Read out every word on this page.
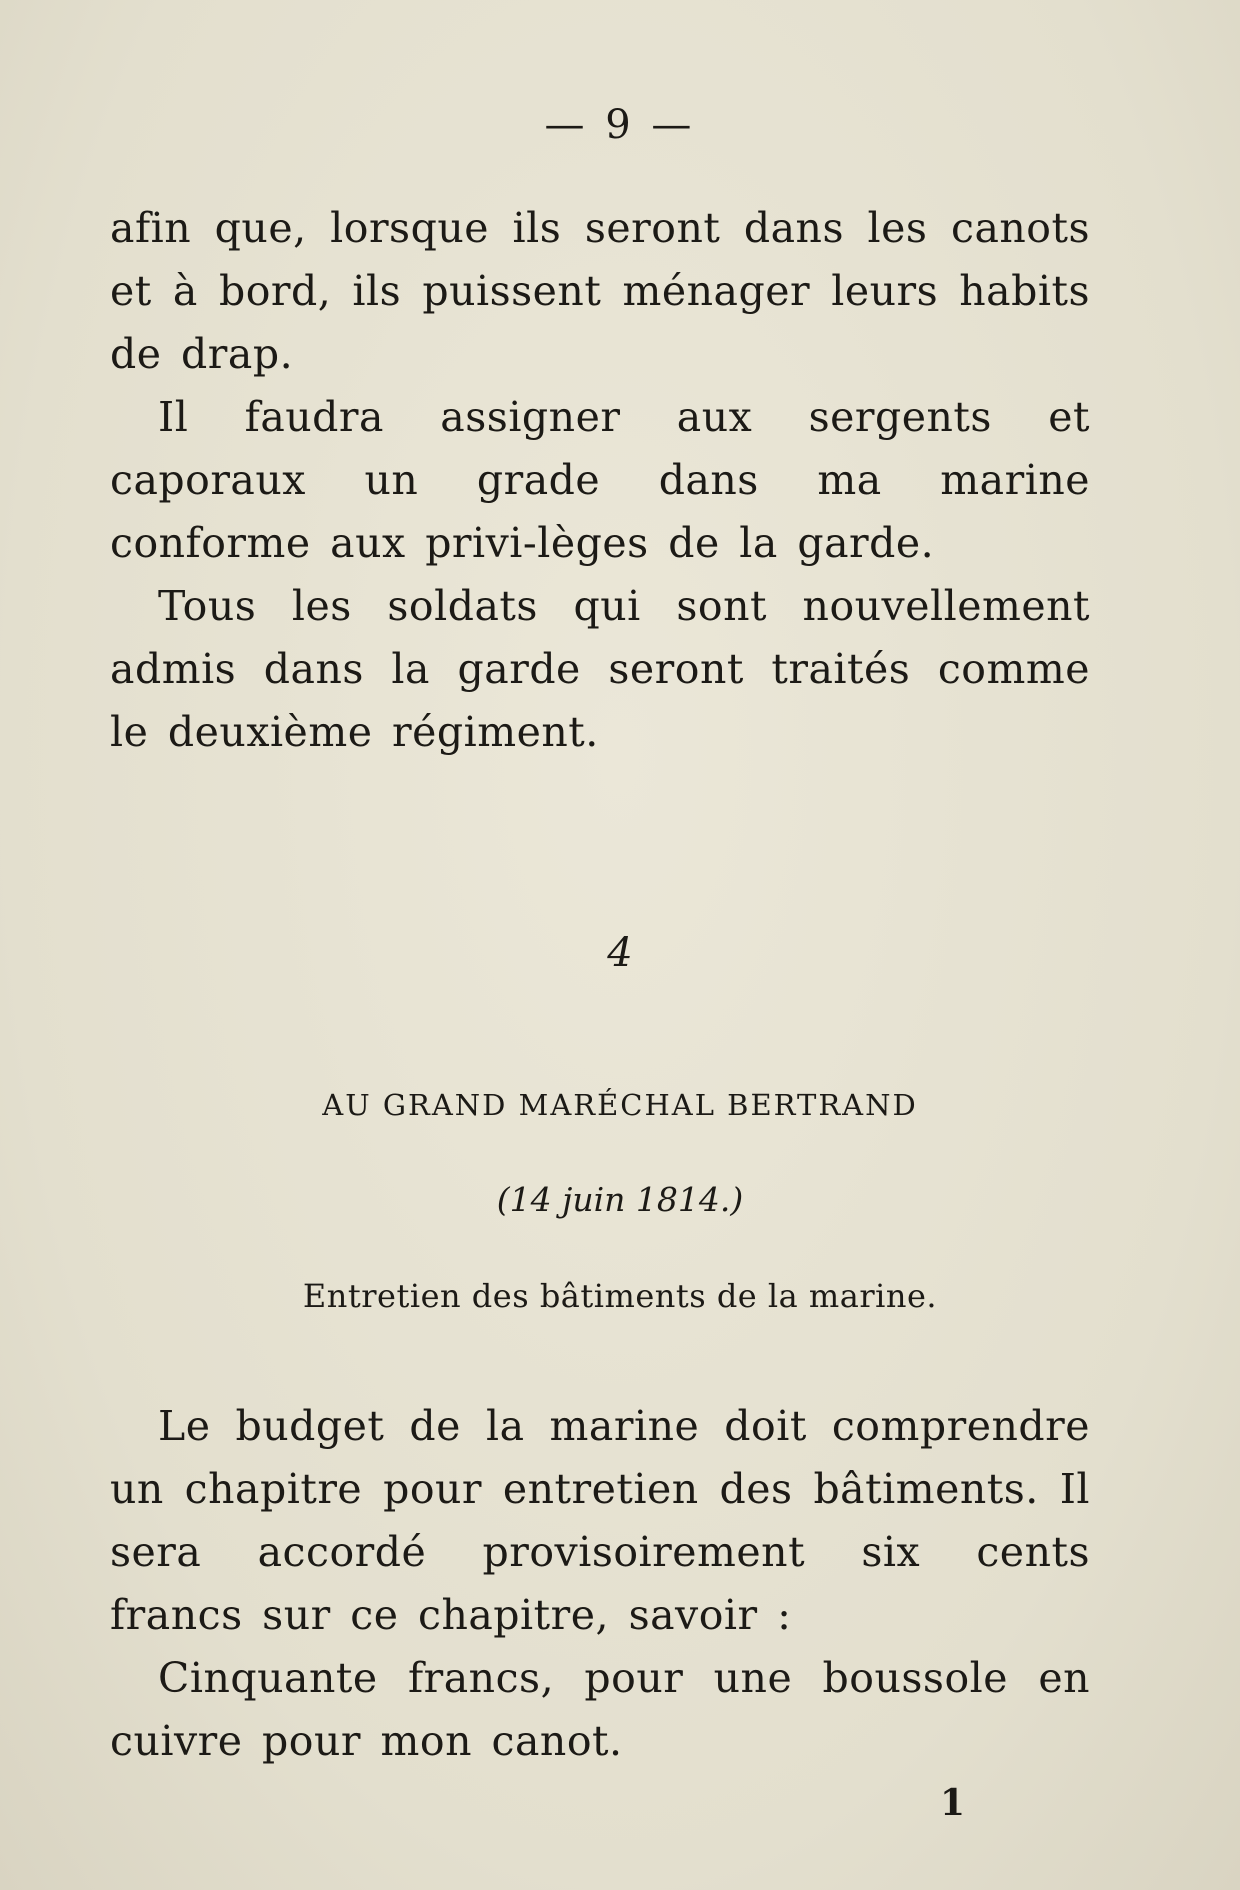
— 9 —

afin que, lorsque ils seront dans les canots et à bord, ils puissent ménager leurs habits de drap.

Il faudra assigner aux sergents et caporaux un grade dans ma marine conforme aux privi-lèges de la garde.

Tous les soldats qui sont nouvellement admis dans la garde seront traités comme le deuxième régiment.

4
AU GRAND MARÉCHAL BERTRAND
(14 juin 1814.)
Entretien des bâtiments de la marine.

Le budget de la marine doit comprendre un chapitre pour entretien des bâtiments. Il sera accordé provisoirement six cents francs sur ce chapitre, savoir :

Cinquante francs, pour une boussole en cuivre pour mon canot.

1
